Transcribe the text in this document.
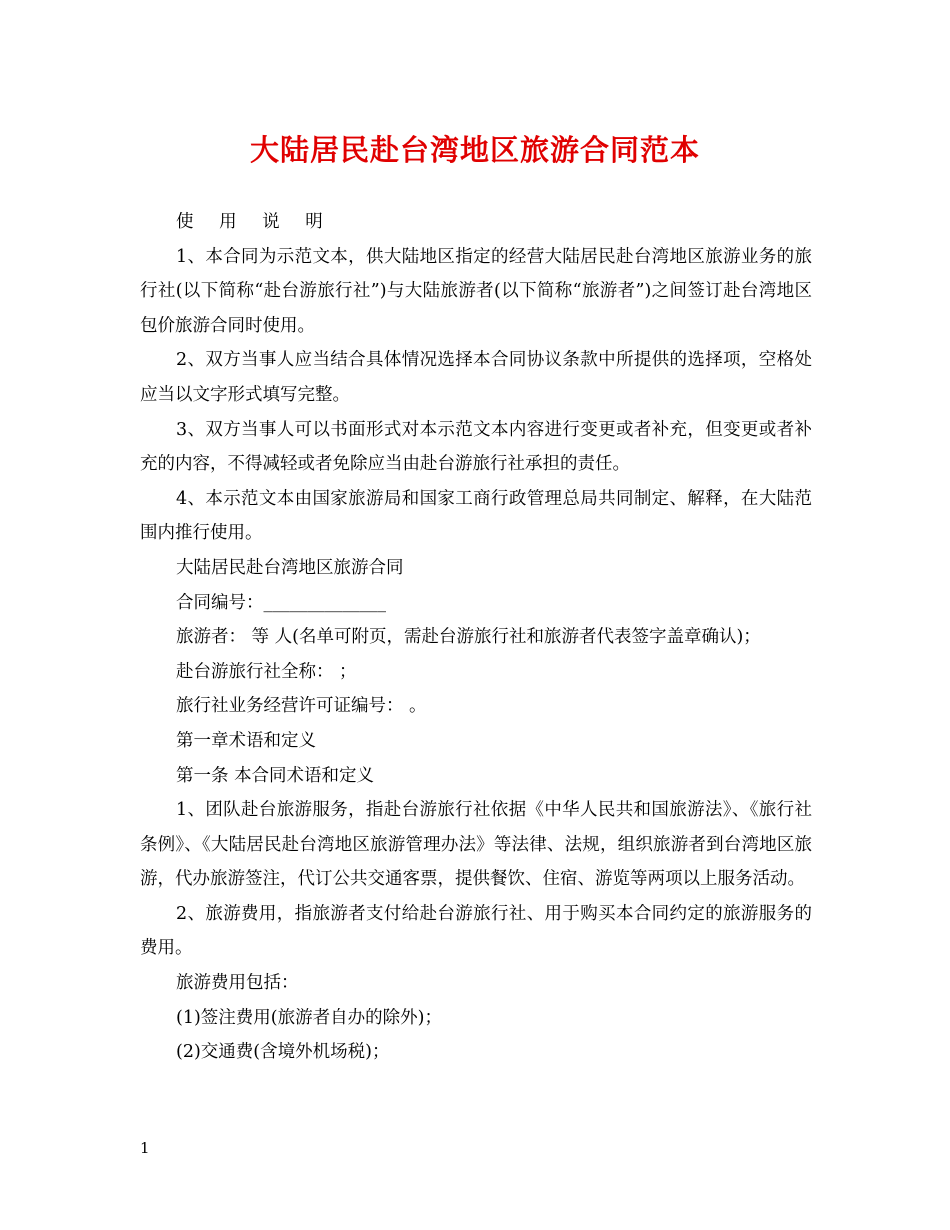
大陆居民赴台湾地区旅游合同范本

使 用 说 明

1、本合同为示范文本，供大陆地区指定的经营大陆居民赴台湾地区旅游业务的旅行社(以下简称“赴台游旅行社”)与大陆旅游者(以下简称“旅游者”)之间签订赴台湾地区包价旅游合同时使用。

2、双方当事人应当结合具体情况选择本合同协议条款中所提供的选择项，空格处应当以文字形式填写完整。

3、双方当事人可以书面形式对本示范文本内容进行变更或者补充，但变更或者补充的内容，不得减轻或者免除应当由赴台游旅行社承担的责任。

4、本示范文本由国家旅游局和国家工商行政管理总局共同制定、解释，在大陆范围内推行使用。

大陆居民赴台湾地区旅游合同

合同编号：______________

旅游者： 等 人(名单可附页，需赴台游旅行社和旅游者代表签字盖章确认)；

赴台游旅行社全称： ；

旅行社业务经营许可证编号： 。

第一章术语和定义

第一条 本合同术语和定义

1、团队赴台旅游服务，指赴台游旅行社依据《中华人民共和国旅游法》、《旅行社条例》、《大陆居民赴台湾地区旅游管理办法》等法律、法规，组织旅游者到台湾地区旅游，代办旅游签注，代订公共交通客票，提供餐饮、住宿、游览等两项以上服务活动。

2、旅游费用，指旅游者支付给赴台游旅行社、用于购买本合同约定的旅游服务的费用。

旅游费用包括：

(1)签注费用(旅游者自办的除外)；

(2)交通费(含境外机场税)；

1
